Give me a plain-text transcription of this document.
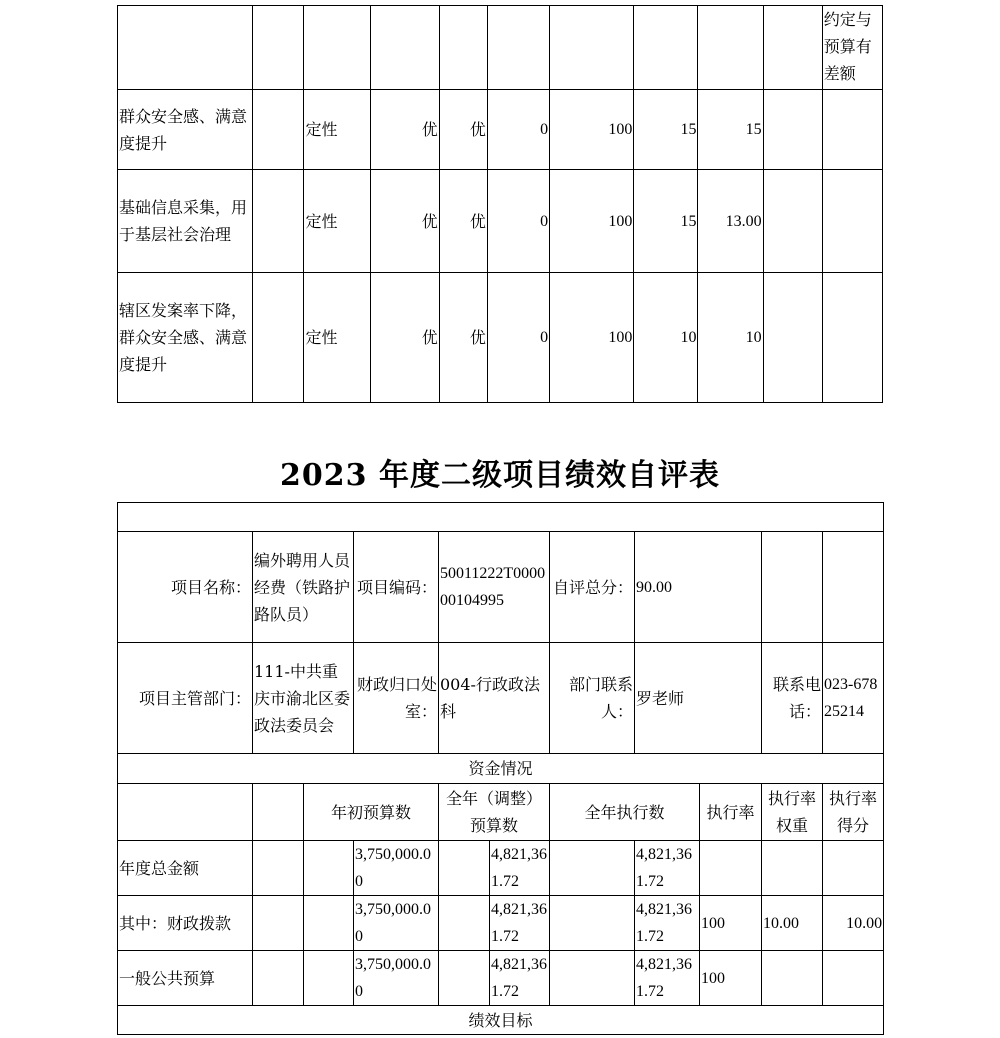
										约定与预算有差额
群众安全感、满意度提升		定性	优	优	0	100	15	15		
基础信息采集，用于基层社会治理		定性	优	优	0	100	15	13.00		
辖区发案率下降，群众安全感、满意度提升		定性	优	优	0	100	10	10		
2023 年度二级项目绩效自评表

项目名称：	编外聘用人员经费（铁路护路队员）		项目编码：	50011222T000000104995		自评总分：	90.00			
项目主管部门：	111-中共重庆市渝北区委政法委员会		财政归口处室：	004-行政政法科		部门联系人：	罗老师		联系电话：	023-67825214
资金情况										
		年初预算数		全年（调整）预算数		全年执行数		执行率	执行率权重	执行率得分
年度总金额			3,750,000.00		4,821,361.72		4,821,361.72			
其中：财政拨款			3,750,000.00		4,821,361.72		4,821,361.72	100	10.00	10.00
一般公共预算			3,750,000.00		4,821,361.72		4,821,361.72	100		
绩效目标										
